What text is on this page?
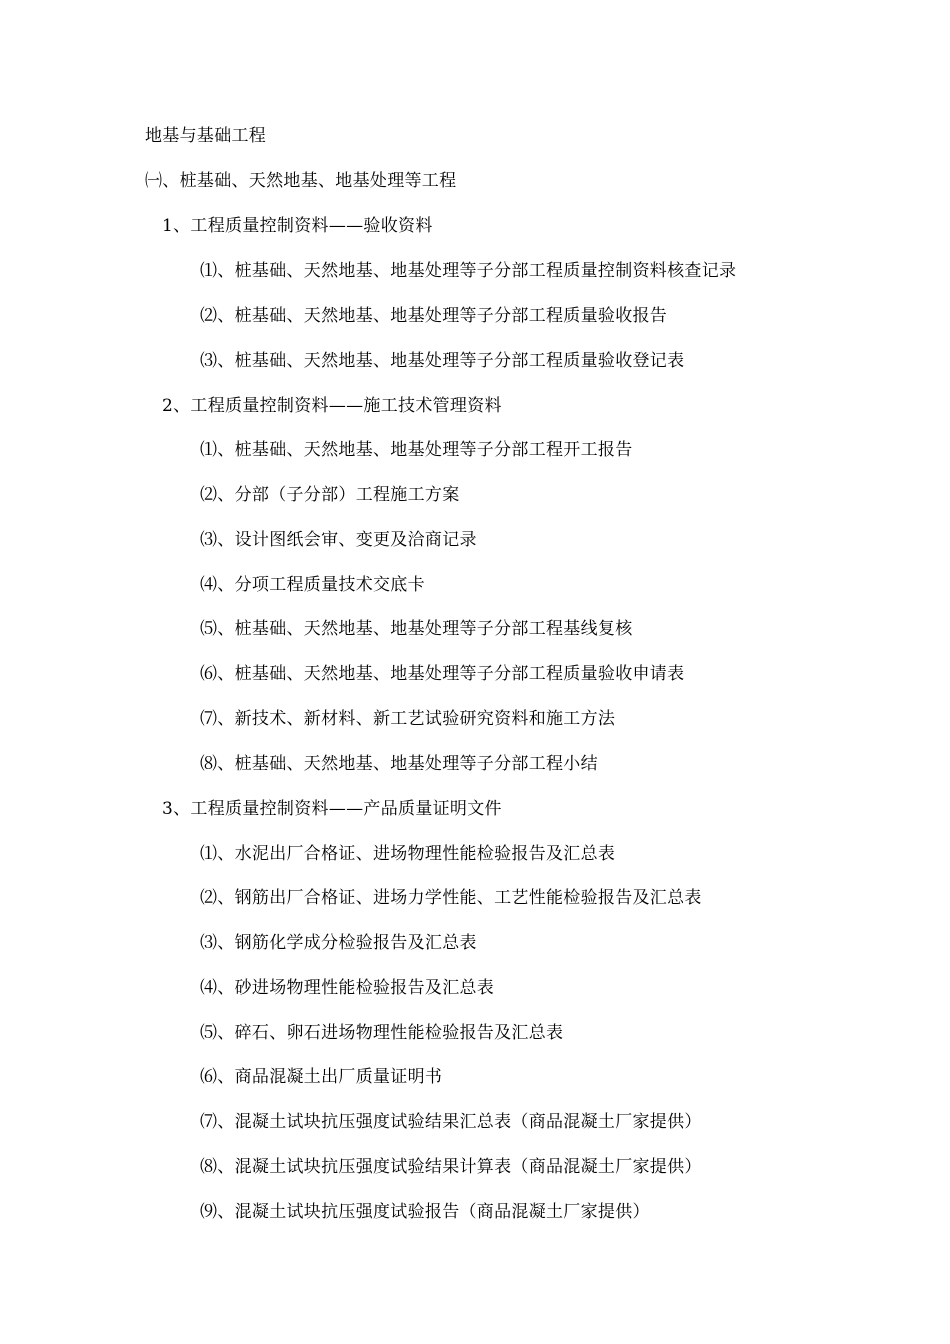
地基与基础工程
㈠、桩基础、天然地基、地基处理等工程
1、工程质量控制资料——验收资料
⑴、桩基础、天然地基、地基处理等子分部工程质量控制资料核查记录
⑵、桩基础、天然地基、地基处理等子分部工程质量验收报告
⑶、桩基础、天然地基、地基处理等子分部工程质量验收登记表
2、工程质量控制资料——施工技术管理资料
⑴、桩基础、天然地基、地基处理等子分部工程开工报告
⑵、分部（子分部）工程施工方案
⑶、设计图纸会审、变更及洽商记录
⑷、分项工程质量技术交底卡
⑸、桩基础、天然地基、地基处理等子分部工程基线复核
⑹、桩基础、天然地基、地基处理等子分部工程质量验收申请表
⑺、新技术、新材料、新工艺试验研究资料和施工方法
⑻、桩基础、天然地基、地基处理等子分部工程小结
3、工程质量控制资料——产品质量证明文件
⑴、水泥出厂合格证、进场物理性能检验报告及汇总表
⑵、钢筋出厂合格证、进场力学性能、工艺性能检验报告及汇总表
⑶、钢筋化学成分检验报告及汇总表
⑷、砂进场物理性能检验报告及汇总表
⑸、碎石、卵石进场物理性能检验报告及汇总表
⑹、商品混凝土出厂质量证明书
⑺、混凝土试块抗压强度试验结果汇总表（商品混凝土厂家提供）
⑻、混凝土试块抗压强度试验结果计算表（商品混凝土厂家提供）
⑼、混凝土试块抗压强度试验报告（商品混凝土厂家提供）
